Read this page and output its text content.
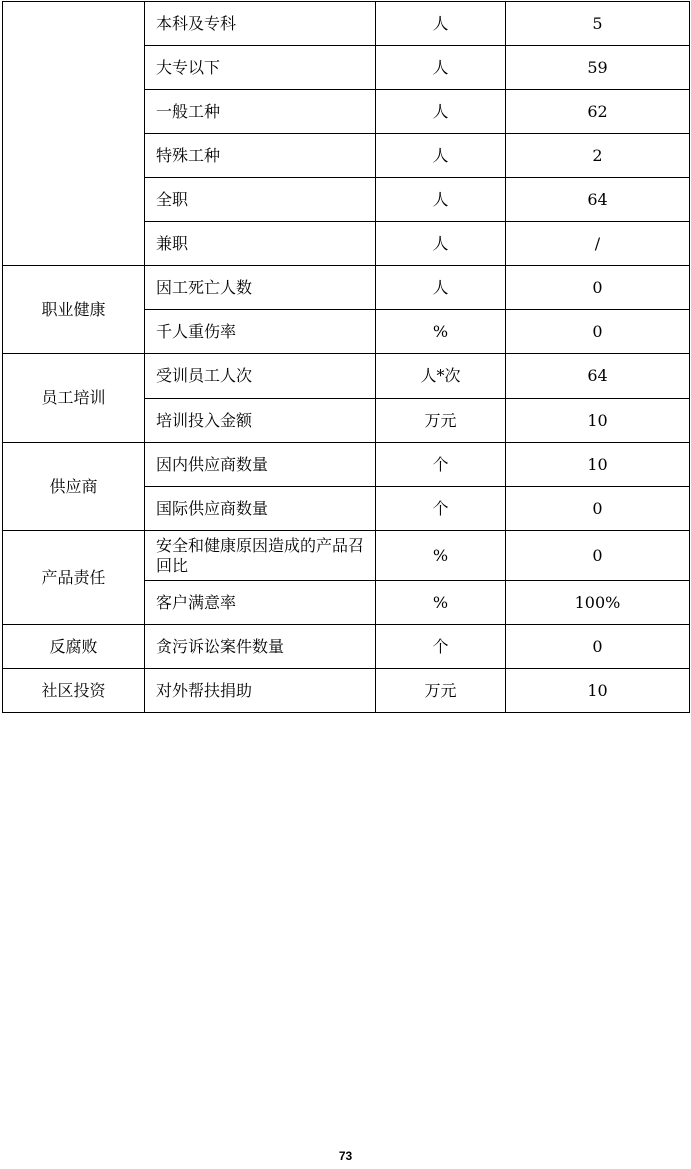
	本科及专科	人	5
	大专以下	人	59
	一般工种	人	62
	特殊工种	人	2
	全职	人	64
	兼职	人	/
职业健康	因工死亡人数	人	0
	千人重伤率	%	0
员工培训	受训员工人次	人*次	64
	培训投入金额	万元	10
供应商	因内供应商数量	个	10
	国际供应商数量	个	0
产品责任	安全和健康原因造成的产品召回比	%	0
	客户满意率	%	100%
反腐败	贪污诉讼案件数量	个	0
社区投资	对外帮扶捐助	万元	10
73
